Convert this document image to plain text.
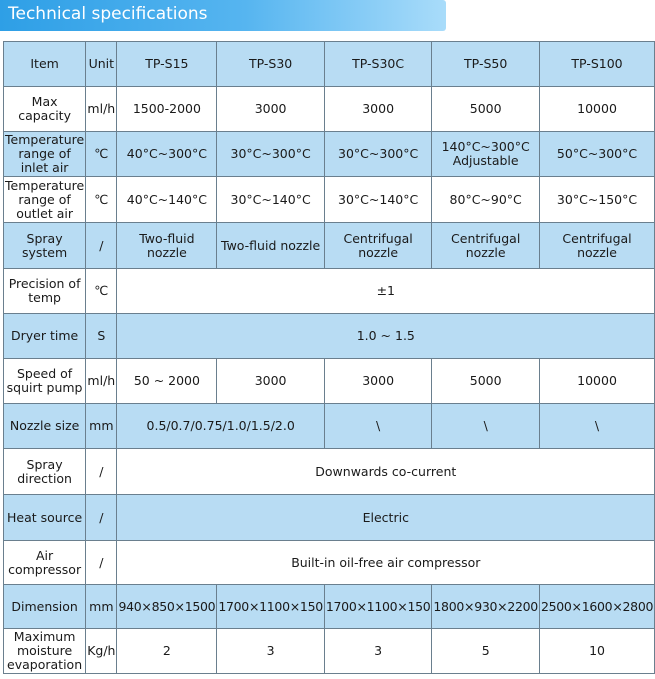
Technical specifications
Item	Unit	TP-S15	TP-S30	TP-S30C	TP-S50	TP-S100
Max capacity	ml/h	1500-2000	3000	3000	5000	10000
Temperature range of inlet air	℃	40°C~300°C	30°C~300°C	30°C~300°C	140°C~300°C Adjustable	50°C~300°C
Temperature range of outlet air	℃	40°C~140°C	30°C~140°C	30°C~140°C	80°C~90°C	30°C~150°C
Spray system	/	Two-fluid nozzle	Two-fluid nozzle	Centrifugal nozzle	Centrifugal nozzle	Centrifugal nozzle
Precision of temp	℃	±1				
Dryer time	S	1.0 ~ 1.5				
Speed of squirt pump	ml/h	50 ~ 2000	3000	3000	5000	10000
Nozzle size	mm	0.5/0.7/0.75/1.0/1.5/2.0		\	\	\
Spray direction	/	Downwards co-current				
Heat source	/	Electric				
Air compressor	/	Built-in oil-free air compressor				
Dimension	mm	940×850×1500	1700×1100×150	1700×1100×150	1800×930×2200	2500×1600×2800
Maximum moisture evaporation	Kg/h	2	3	3	5	10
